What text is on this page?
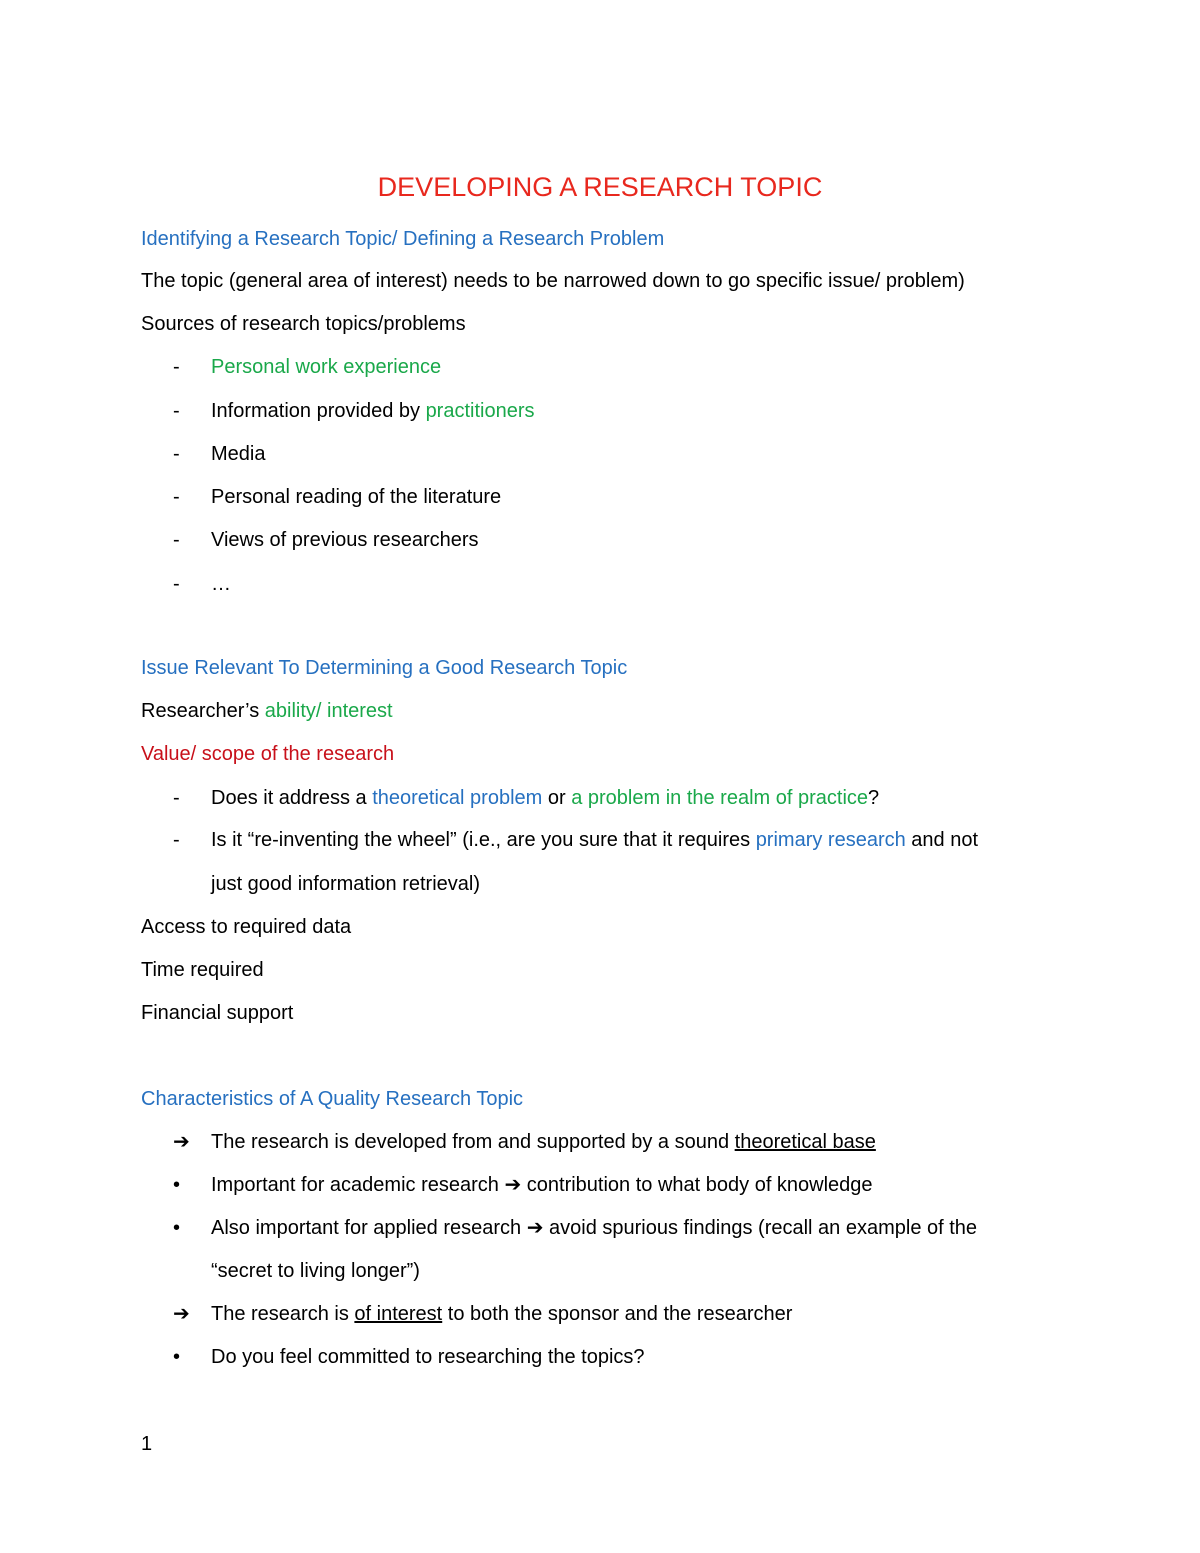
DEVELOPING A RESEARCH TOPIC
Identifying a Research Topic/ Defining a Research Problem
The topic (general area of interest) needs to be narrowed down to go specific issue/ problem)
Sources of research topics/problems
- Personal work experience
- Information provided by practitioners
- Media
- Personal reading of the literature
- Views of previous researchers
- …
Issue Relevant To Determining a Good Research Topic
Researcher’s ability/ interest
Value/ scope of the research
- Does it address a theoretical problem or a problem in the realm of practice?
- Is it “re-inventing the wheel” (i.e., are you sure that it requires primary research and not
just good information retrieval)
Access to required data
Time required
Financial support
Characteristics of A Quality Research Topic
➔ The research is developed from and supported by a sound theoretical base
• Important for academic research ➔ contribution to what body of knowledge
• Also important for applied research ➔ avoid spurious findings (recall an example of the
“secret to living longer”)
➔ The research is of interest to both the sponsor and the researcher
• Do you feel committed to researching the topics?
1
